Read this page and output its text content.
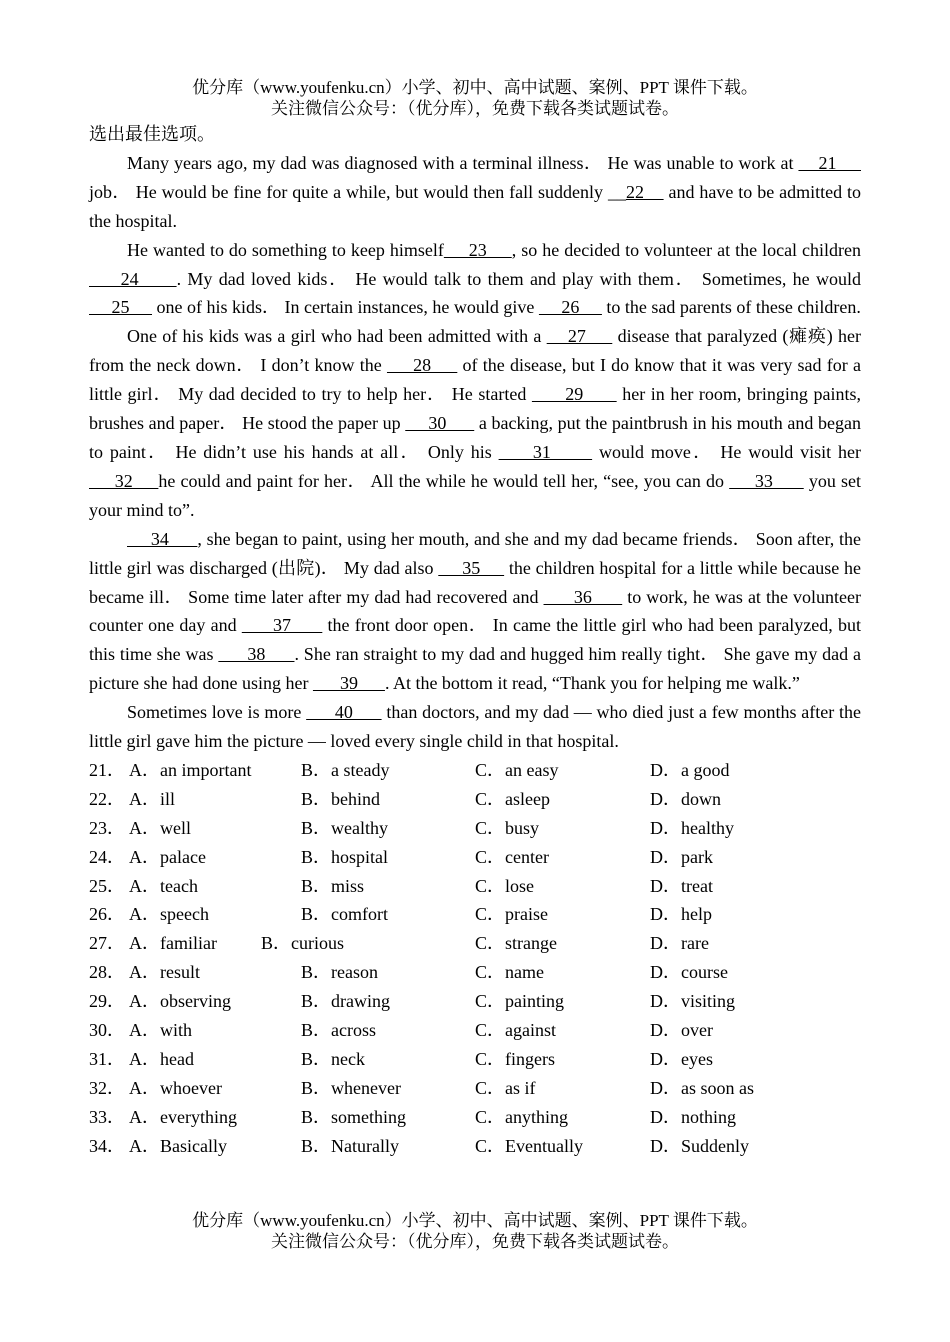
优分库（www.youfenku.cn）小学、初中、高中试题、案例、PPT 课件下载。
关注微信公众号：（优分库），免费下载各类试题试卷。

选出最佳选项。

Many years ago, my dad was diagnosed with a terminal illness． He was unable to work at     21      job． He would be fine for quite a while, but would then fall suddenly __22     and have to be admitted to the hospital.

He wanted to do something to keep himself     23     , so he decided to volunteer at the local children      24      . My dad loved kids． He would talk to them and play with them． Sometimes, he would      25      one of his kids． In certain instances, he would give      26      to the sad parents of these children.

One of his kids was a girl who had been admitted with a     27      disease that paralyzed (瘫痪) her from the neck down． I don’t know the      28      of the disease, but I do know that it was very sad for a little girl． My dad decided to try to help her． He started       29       her in her room, bringing paints, brushes and paper． He stood the paper up      30       a backing, put the paintbrush in his mouth and began to paint． He didn’t use his hands at all． Only his      31       would move． He would visit her      32     he could and paint for her． All the while he would tell her, “see, you can do      33       you set your mind to”.

34      , she began to paint, using her mouth, and she and my dad became friends． Soon after, the little girl was discharged (出院)． My dad also      35      the children hospital for a little while because he became ill． Some time later after my dad had recovered and       36       to work, he was at the volunteer counter one day and       37       the front door open． In came the little girl who had been paralyzed, but this time she was       38      . She ran straight to my dad and hugged him really tight． She gave my dad a picture she had done using her       39      . At the bottom it read, “Thank you for helping me walk.”

Sometimes love is more       40       than doctors, and my dad — who died just a few months after the little girl gave him the picture — loved every single child in that hospital.

21． A．an important	B．a steady	C．an easy	D．a good
22． A．ill	B．behind	C．asleep	D．down
23． A．well	B．wealthy	C．busy	D．healthy
24． A．palace	B．hospital	C．center	D．park
25． A．teach	B．miss	C．lose	D．treat
26． A．speech	B．comfort	C．praise	D．help
27． A．familiar B．curious	C．strange	D．rare
28． A．result	B．reason	C．name	D．course
29． A．observing	B．drawing	C．painting	D．visiting
30． A．with	B．across	C．against	D．over
31． A．head	B．neck	C．fingers	D．eyes
32． A．whoever	B．whenever	C．as if	D．as soon as
33． A．everything	B．something	C．anything	D．nothing
34． A．Basically	B．Naturally	C．Eventually	D．Suddenly
优分库（www.youfenku.cn）小学、初中、高中试题、案例、PPT 课件下载。
关注微信公众号：（优分库），免费下载各类试题试卷。
